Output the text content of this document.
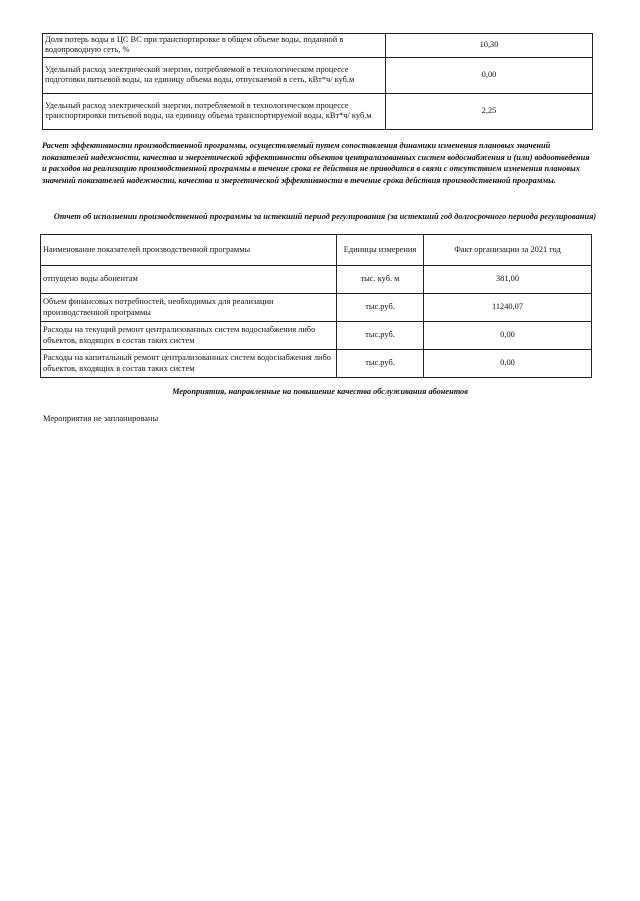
Доля потерь воды в ЦС ВС при транспортировке в общем объеме воды, поданной в водопроводную сеть, %	10,30
Удельный расход электрической энергии, потребляемой в технологическом процессе подготовки питьевой воды, на единицу объема воды, отпускаемой в сеть, кВт*ч/ куб.м	0,00
Удельный расход электрической энергии, потребляемой в технологическом процессе транспортировки питьевой воды, на единицу объема транспортируемой воды, кВт*ч/ куб.м	2,25
Расчет эффективности производственной программы, осуществляемый путем сопоставления динамики изменения плановых значений показателей надежности, качества и энергетической эффективности объектов централизованных систем водоснабжения и (или) водоотведения и расходов на реализацию производственной программы в течение срока ее действия не приводится в связи с отсутствием изменения плановых значений показателей надежности, качества и энергетической эффективности в течение срока действия производственной программы.
Отчет об исполнении производственной программы за истекший период регулирования (за истекший год долгосрочного периода регулирования)
Наименование показателей производственной программы	Единицы измерения	Факт организации за 2021 год
отпущено воды абонентам	тыс. куб. м	381,00
Объем финансовых потребностей, необходимых для реализации производственной программы	тыс.руб.	11240,07
Расходы на текущий ремонт централизованных систем водоснабжения либо объектов, входящих в состав таких систем	тыс.руб.	0,00
Расходы на капитальный ремонт централизованных систем водоснабжения либо объектов, входящих в состав таких систем	тыс.руб.	0,00
Мероприятия, направленные на повышение качества обслуживания абонентов
Мероприятия не запланированы
